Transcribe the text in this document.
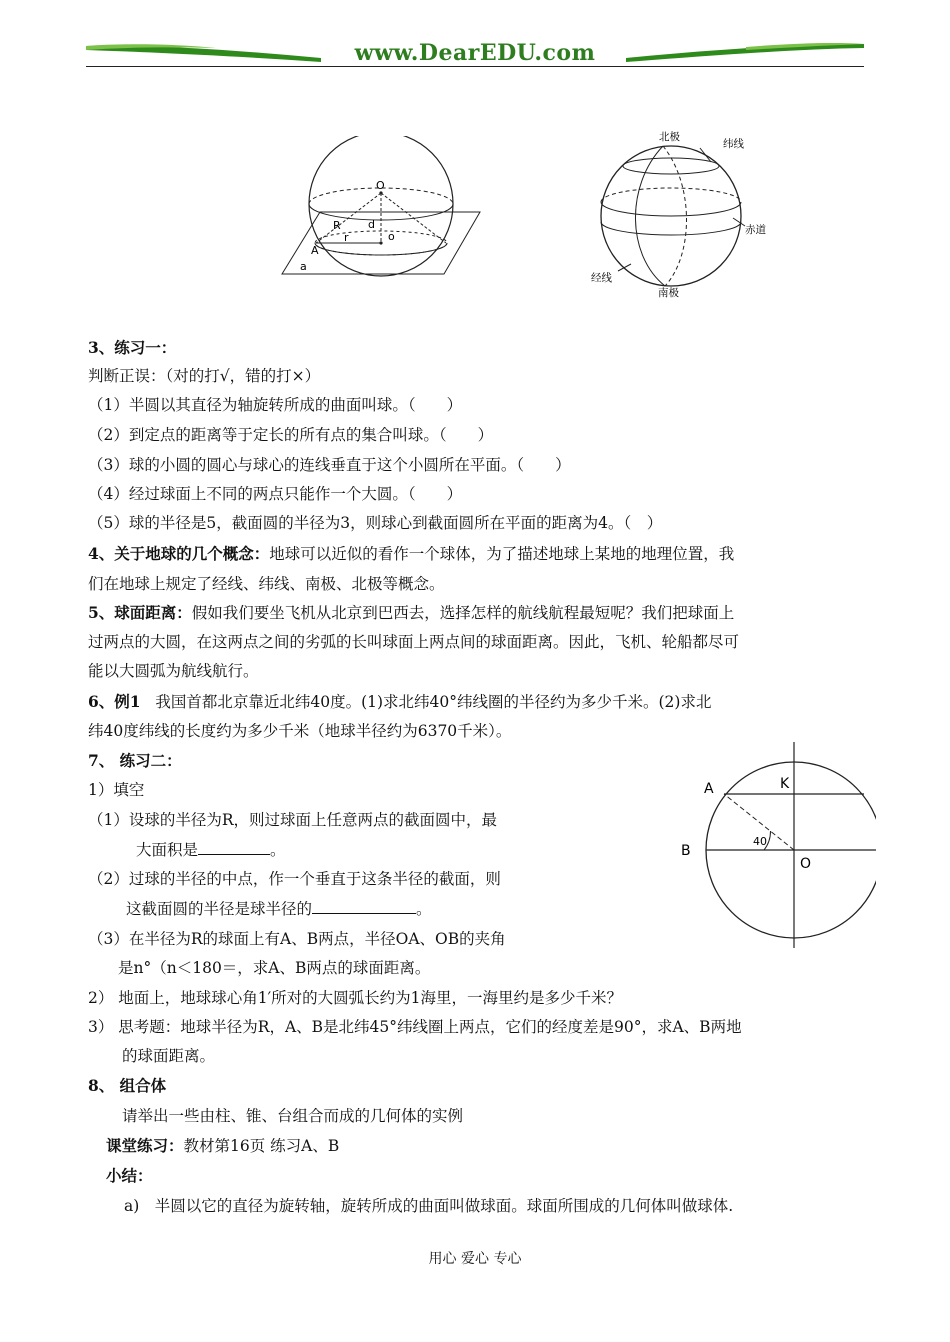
www.DearEDU.com
O
R
r
d
o
A
a
北极
纬线
赤道
经线
南极
3、练习一：
判断正误：（对的打√，错的打×）
（1）半圆以其直径为轴旋转所成的曲面叫球。（　　）
（2）到定点的距离等于定长的所有点的集合叫球。（　　）
（3）球的小圆的圆心与球心的连线垂直于这个小圆所在平面。（　　）
（4）经过球面上不同的两点只能作一个大圆。（　　）
（5）球的半径是5，截面圆的半径为3，则球心到截面圆所在平面的距离为4。（　）
4、关于地球的几个概念：地球可以近似的看作一个球体，为了描述地球上某地的地理位置，我
们在地球上规定了经线、纬线、南极、北极等概念。
5、球面距离：假如我们要坐飞机从北京到巴西去，选择怎样的航线航程最短呢？我们把球面上
过两点的大圆，在这两点之间的劣弧的长叫球面上两点间的球面距离。因此，飞机、轮船都尽可
能以大圆弧为航线航行。
6、例1 我国首都北京靠近北纬40度。(1)求北纬40°纬线圈的半径约为多少千米。(2)求北
纬40度纬线的长度约为多少千米（地球半径约为6370千米）。
7、 练习二：
1）填空
（1）设球的半径为R，则过球面上任意两点的截面圆中，最
大面积是	。
（2）过球的半径的中点，作一个垂直于这条半径的截面，则
这截面圆的半径是球半径的	。
（3）在半径为R的球面上有A、B两点，半径OA、OB的夹角
是n°（n＜180＝，求A、B两点的球面距离。
2） 地面上，地球球心角1′所对的大圆弧长约为1海里，一海里约是多少千米？
3） 思考题：地球半径为R，A、B是北纬45°纬线圈上两点，它们的经度差是90°，求A、B两地
的球面距离。
A	K
B
O
40
8、 组合体
请举出一些由柱、锥、台组合而成的几何体的实例
课堂练习：教材第16页 练习A、B
小结：
a)　半圆以它的直径为旋转轴，旋转所成的曲面叫做球面。球面所围成的几何体叫做球体.
用心 爱心 专心
